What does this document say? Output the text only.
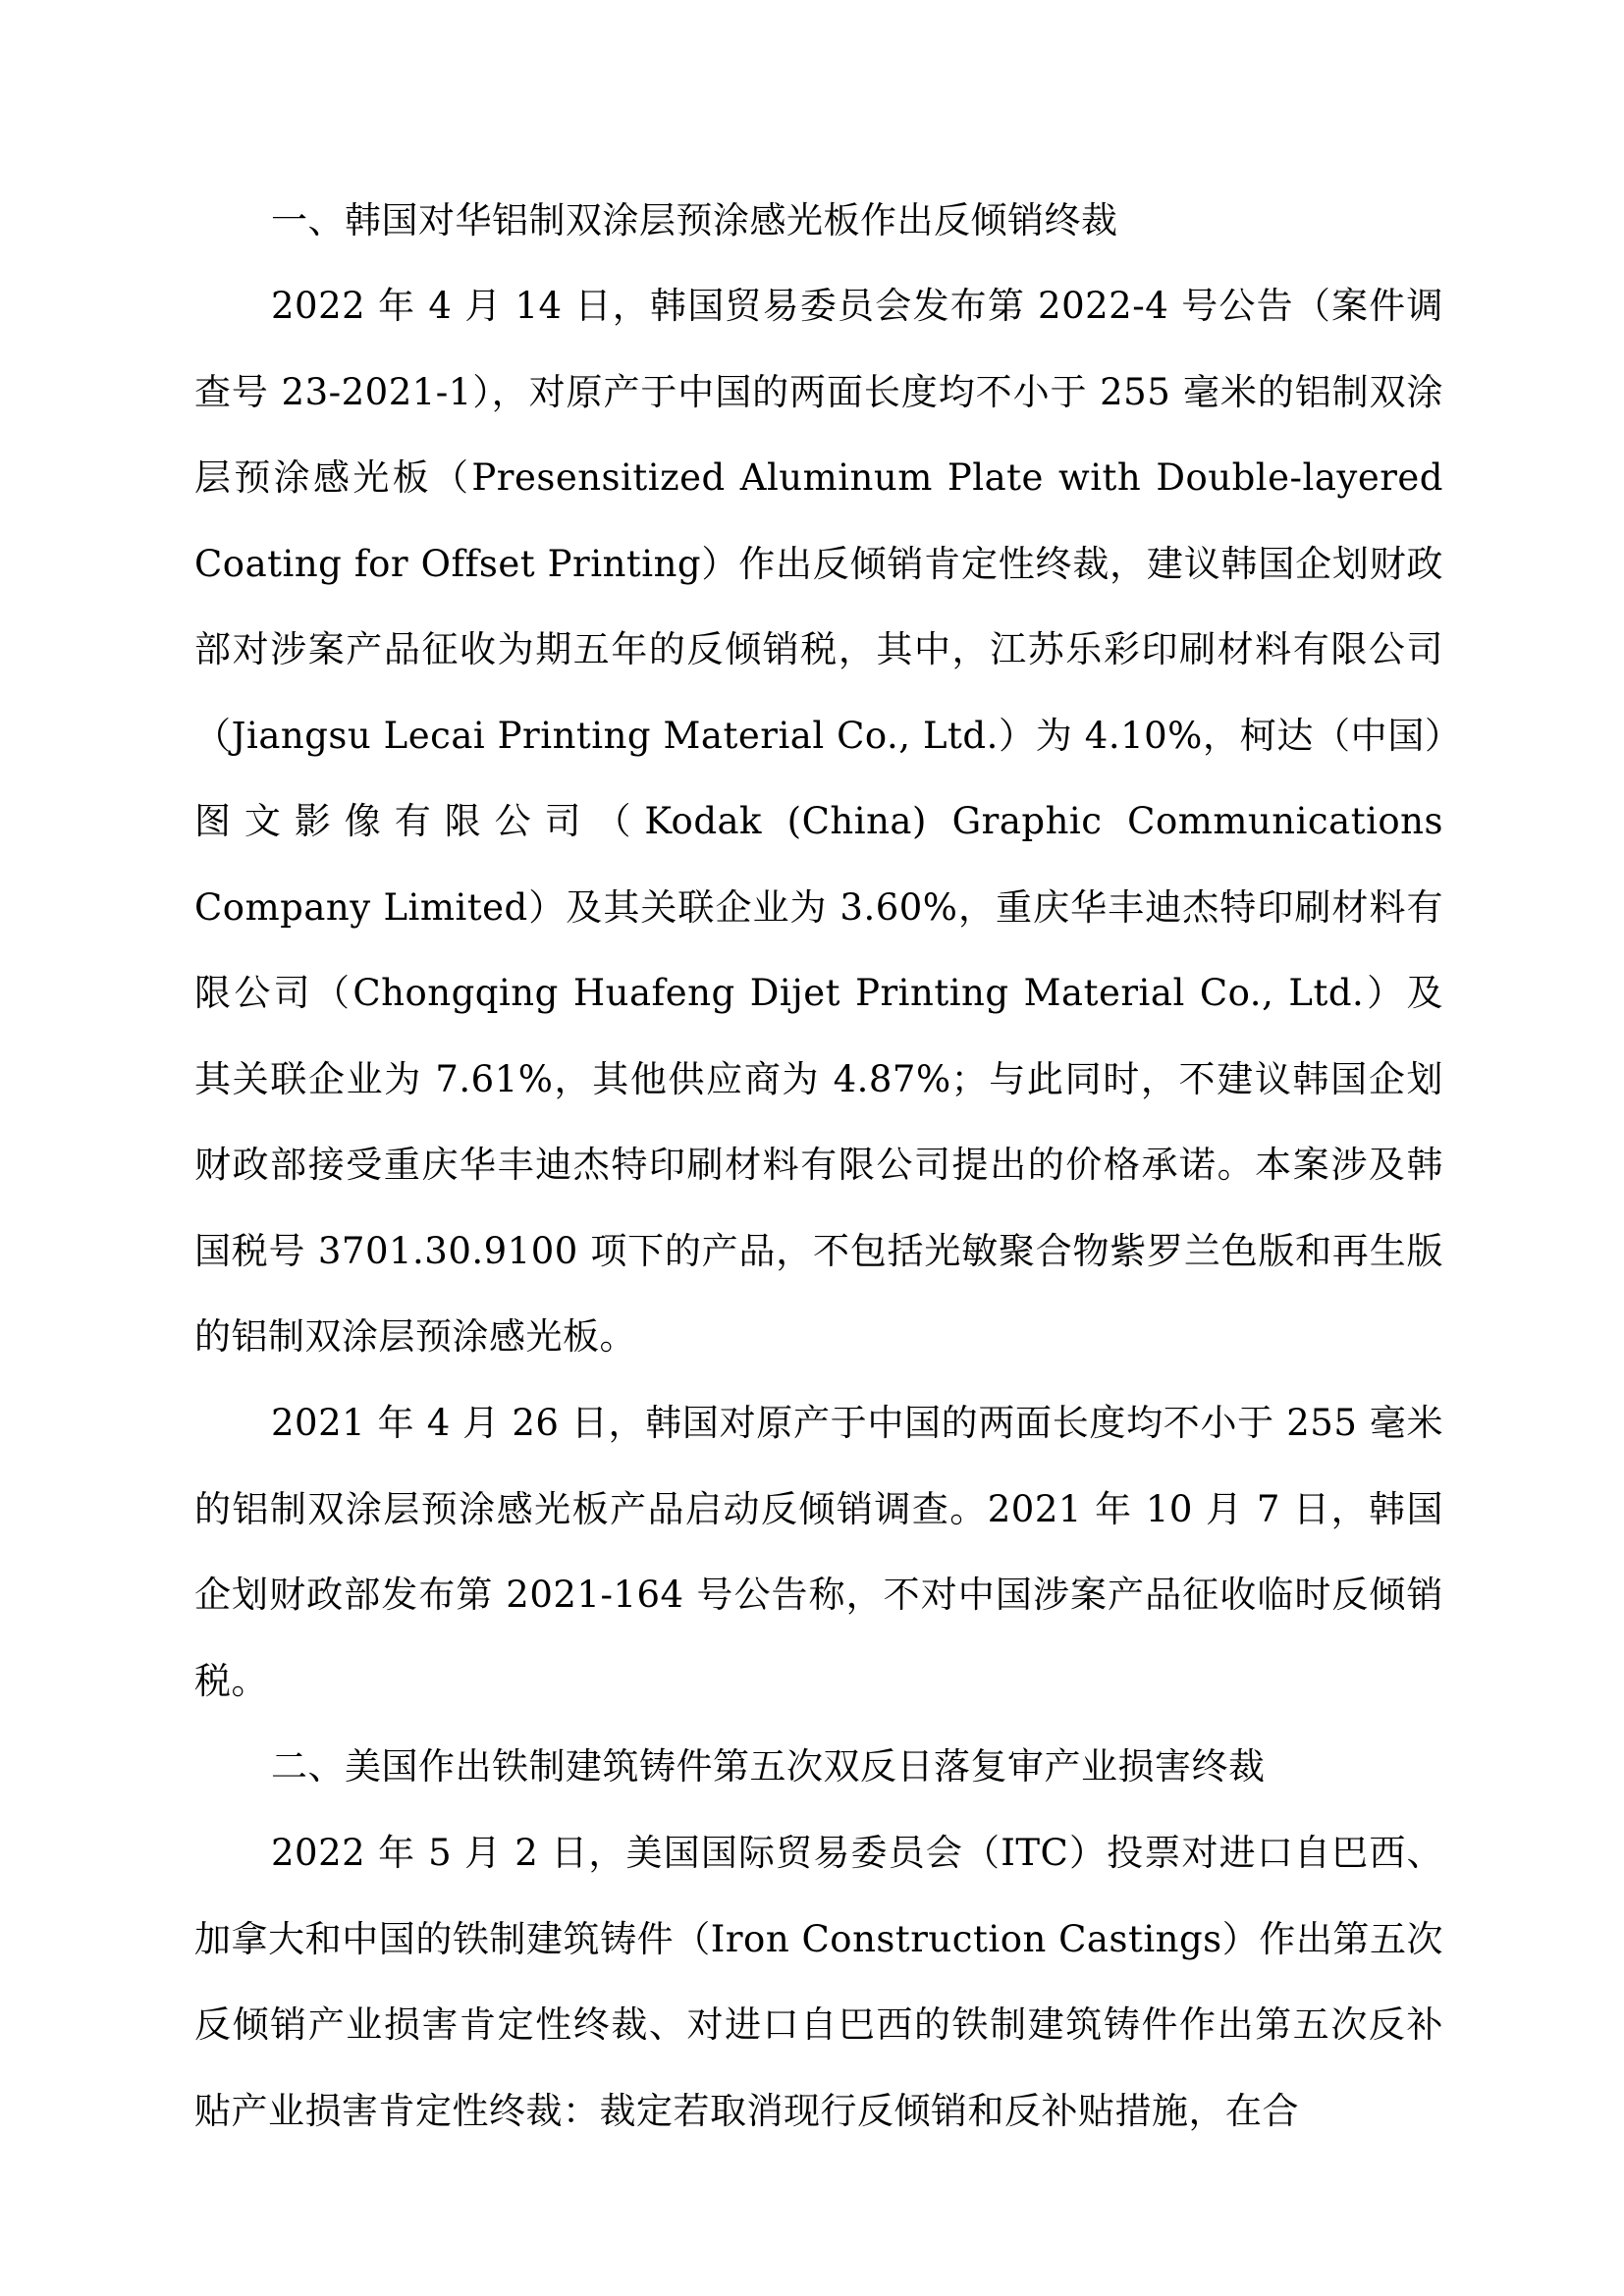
一、韩国对华铝制双涂层预涂感光板作出反倾销终裁

2022 年 4 月 14 日，韩国贸易委员会发布第 2022-4 号公告（案件调查号 23-2021-1），对原产于中国的两面长度均不小于 255 毫米的铝制双涂层预涂感光板（Presensitized Aluminum Plate with Double-layered Coating for Offset Printing）作出反倾销肯定性终裁，建议韩国企划财政部对涉案产品征收为期五年的反倾销税，其中，江苏乐彩印刷材料有限公司（Jiangsu Lecai Printing Material Co., Ltd.）为 4.10%，柯达（中国）图文影像有限公司（Kodak (China) Graphic Communications Company Limited）及其关联企业为 3.60%，重庆华丰迪杰特印刷材料有限公司（Chongqing Huafeng Dijet Printing Material Co., Ltd.）及其关联企业为 7.61%，其他供应商为 4.87%；与此同时，不建议韩国企划财政部接受重庆华丰迪杰特印刷材料有限公司提出的价格承诺。本案涉及韩国税号 3701.30.9100 项下的产品，不包括光敏聚合物紫罗兰色版和再生版的铝制双涂层预涂感光板。

2021 年 4 月 26 日，韩国对原产于中国的两面长度均不小于 255 毫米的铝制双涂层预涂感光板产品启动反倾销调查。2021 年 10 月 7 日，韩国企划财政部发布第 2021-164 号公告称，不对中国涉案产品征收临时反倾销税。

二、美国作出铁制建筑铸件第五次双反日落复审产业损害终裁

2022 年 5 月 2 日，美国国际贸易委员会（ITC）投票对进口自巴西、加拿大和中国的铁制建筑铸件（Iron Construction Castings）作出第五次反倾销产业损害肯定性终裁、对进口自巴西的铁制建筑铸件作出第五次反补贴产业损害肯定性终裁：裁定若取消现行反倾销和反补贴措施，在合
